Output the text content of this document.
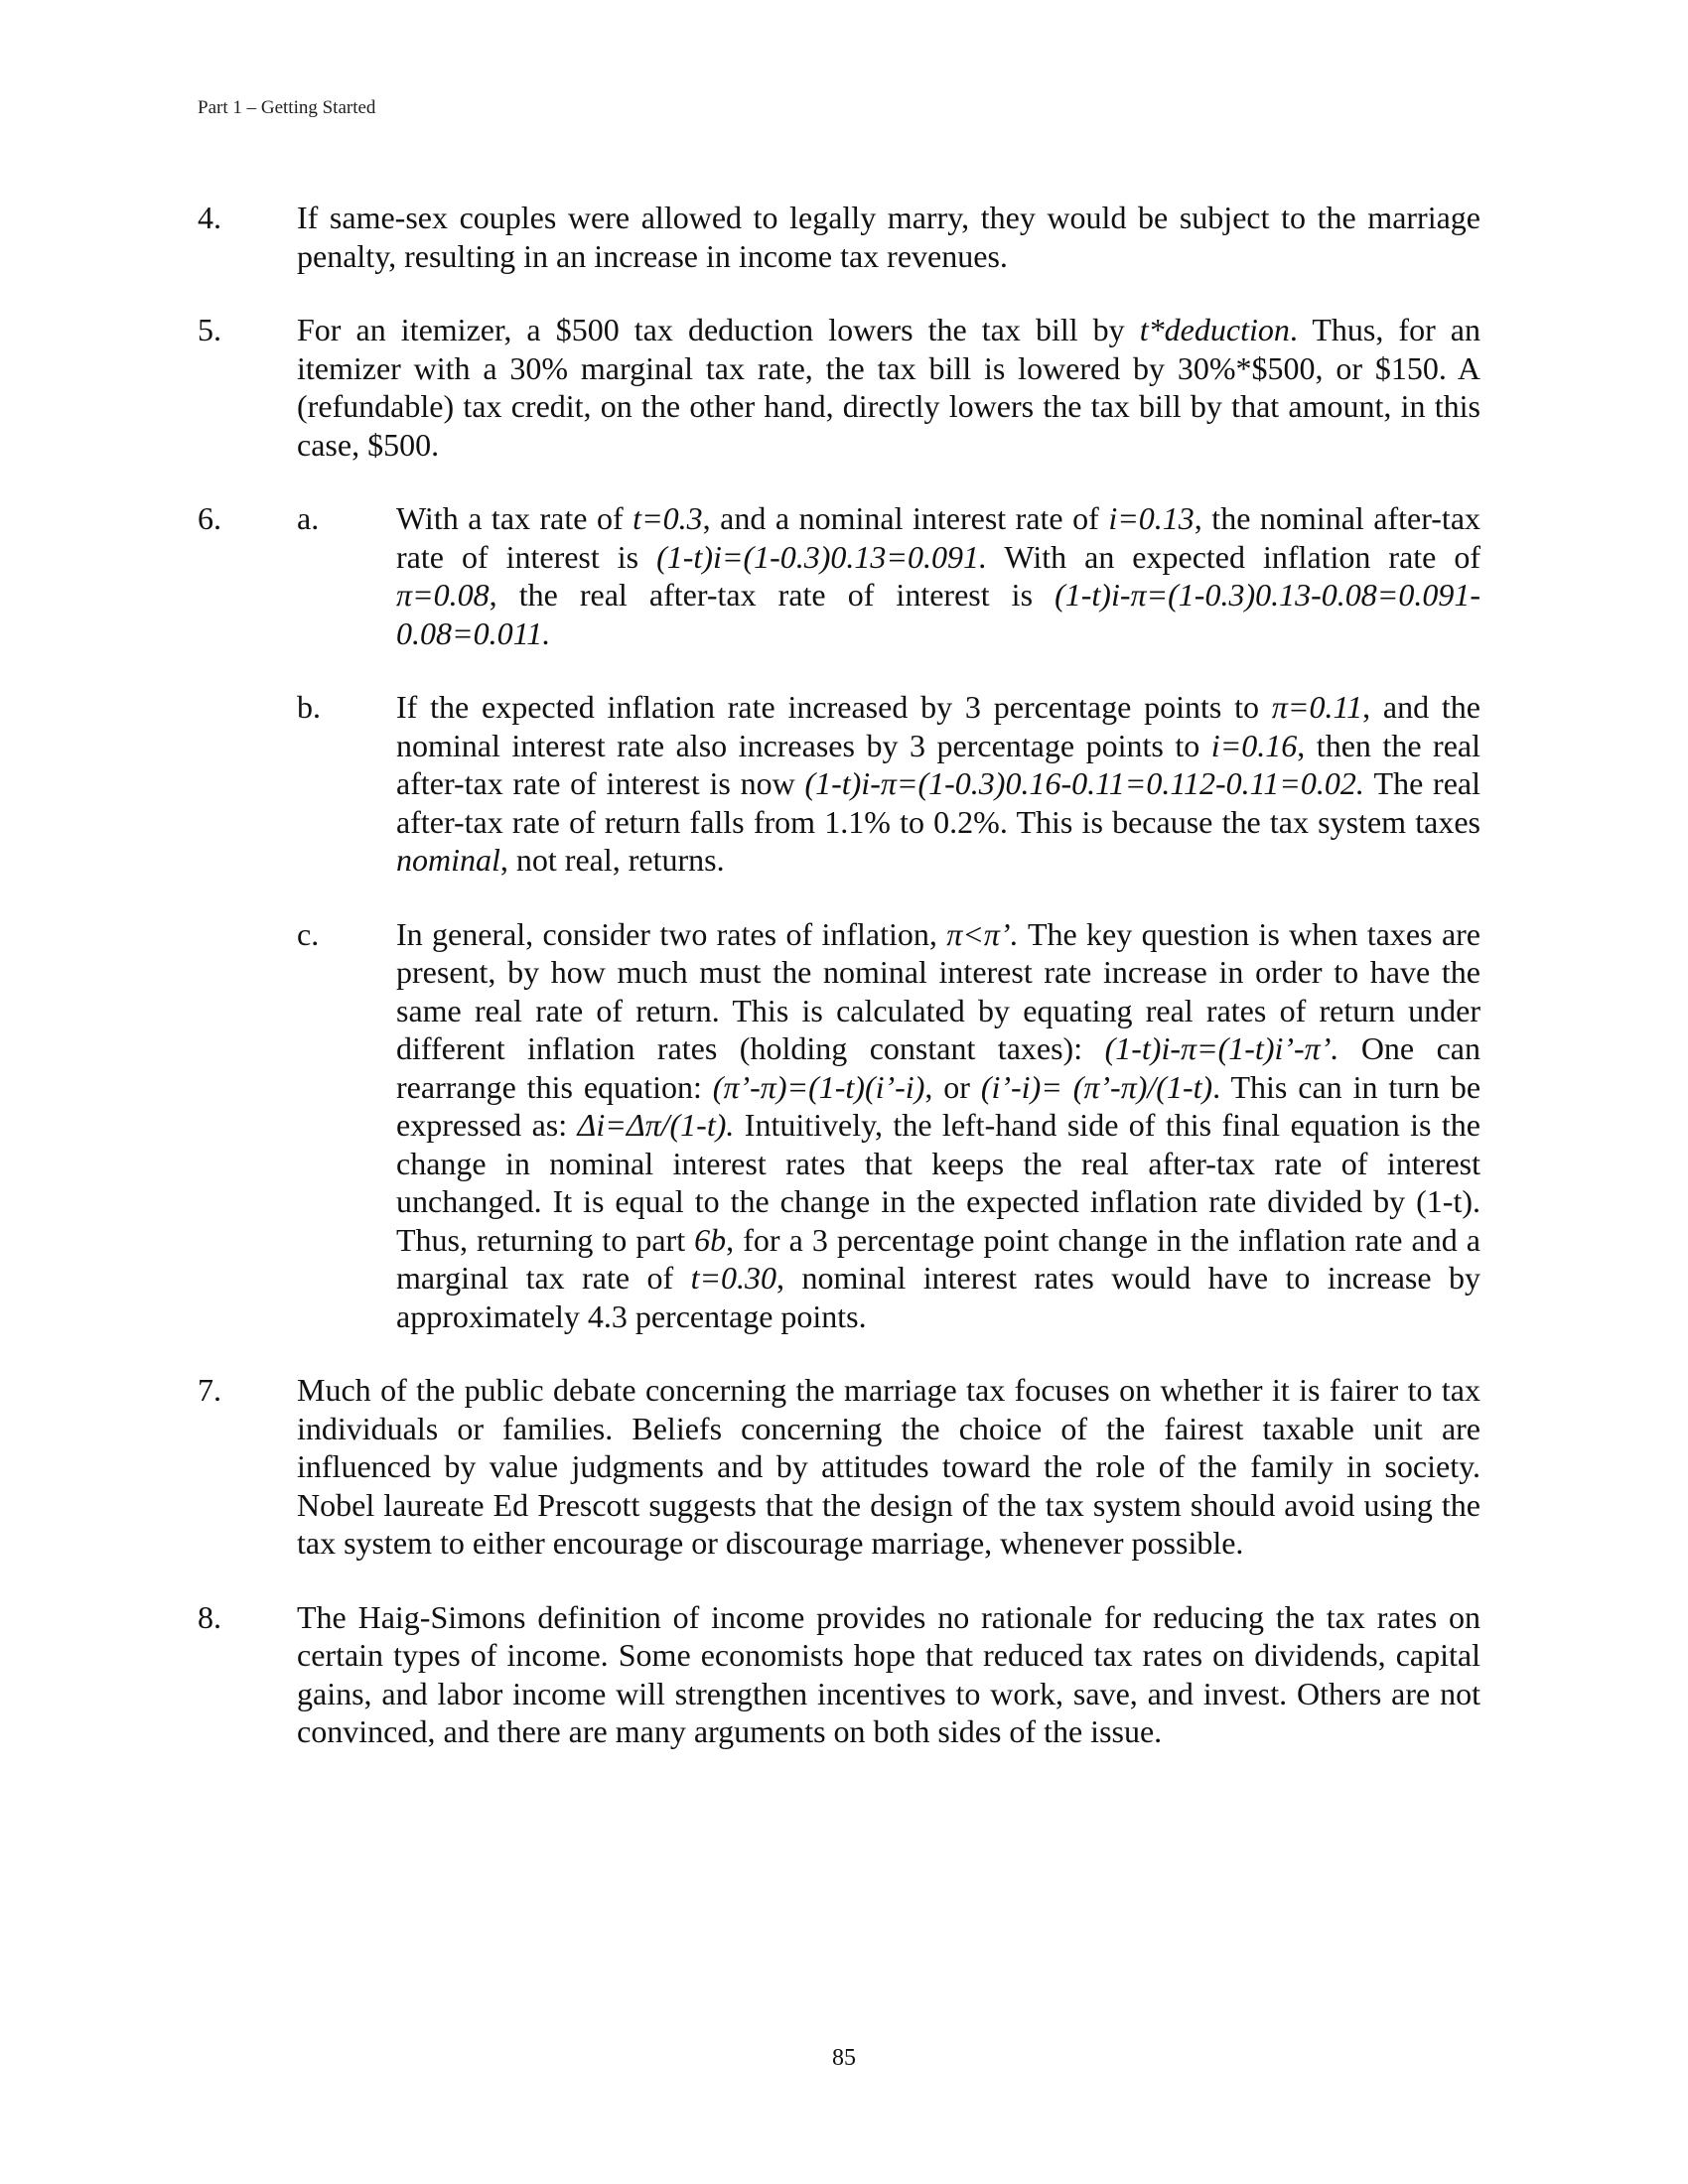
Part 1 – Getting Started
4. If same-sex couples were allowed to legally marry, they would be subject to the marriage penalty, resulting in an increase in income tax revenues.

5. For an itemizer, a $500 tax deduction lowers the tax bill by t*deduction. Thus, for an itemizer with a 30% marginal tax rate, the tax bill is lowered by 30%*$500, or $150. A (refundable) tax credit, on the other hand, directly lowers the tax bill by that amount, in this case, $500.

6. a. With a tax rate of t=0.3, and a nominal interest rate of i=0.13, the nominal after-tax rate of interest is (1-t)i=(1-0.3)0.13=0.091. With an expected inflation rate of π=0.08, the real after-tax rate of interest is (1-t)i-π=(1-0.3)0.13-0.08=0.091-0.08=0.011.

b. If the expected inflation rate increased by 3 percentage points to π=0.11, and the nominal interest rate also increases by 3 percentage points to i=0.16, then the real after-tax rate of interest is now (1-t)i-π=(1-0.3)0.16-0.11=0.112-0.11=0.02. The real after-tax rate of return falls from 1.1% to 0.2%. This is because the tax system taxes nominal, not real, returns.

c. In general, consider two rates of inflation, π<π’. The key question is when taxes are present, by how much must the nominal interest rate increase in order to have the same real rate of return. This is calculated by equating real rates of return under different inflation rates (holding constant taxes): (1-t)i-π=(1-t)i’-π’. One can rearrange this equation: (π’-π)=(1-t)(i’-i), or (i’-i)= (π’-π)/(1-t). This can in turn be expressed as: Δi=Δπ/(1-t). Intuitively, the left-hand side of this final equation is the change in nominal interest rates that keeps the real after-tax rate of interest unchanged. It is equal to the change in the expected inflation rate divided by (1-t). Thus, returning to part 6b, for a 3 percentage point change in the inflation rate and a marginal tax rate of t=0.30, nominal interest rates would have to increase by approximately 4.3 percentage points.

7. Much of the public debate concerning the marriage tax focuses on whether it is fairer to tax individuals or families. Beliefs concerning the choice of the fairest taxable unit are influenced by value judgments and by attitudes toward the role of the family in society. Nobel laureate Ed Prescott suggests that the design of the tax system should avoid using the tax system to either encourage or discourage marriage, whenever possible.

8. The Haig-Simons definition of income provides no rationale for reducing the tax rates on certain types of income. Some economists hope that reduced tax rates on dividends, capital gains, and labor income will strengthen incentives to work, save, and invest. Others are not convinced, and there are many arguments on both sides of the issue.

85
